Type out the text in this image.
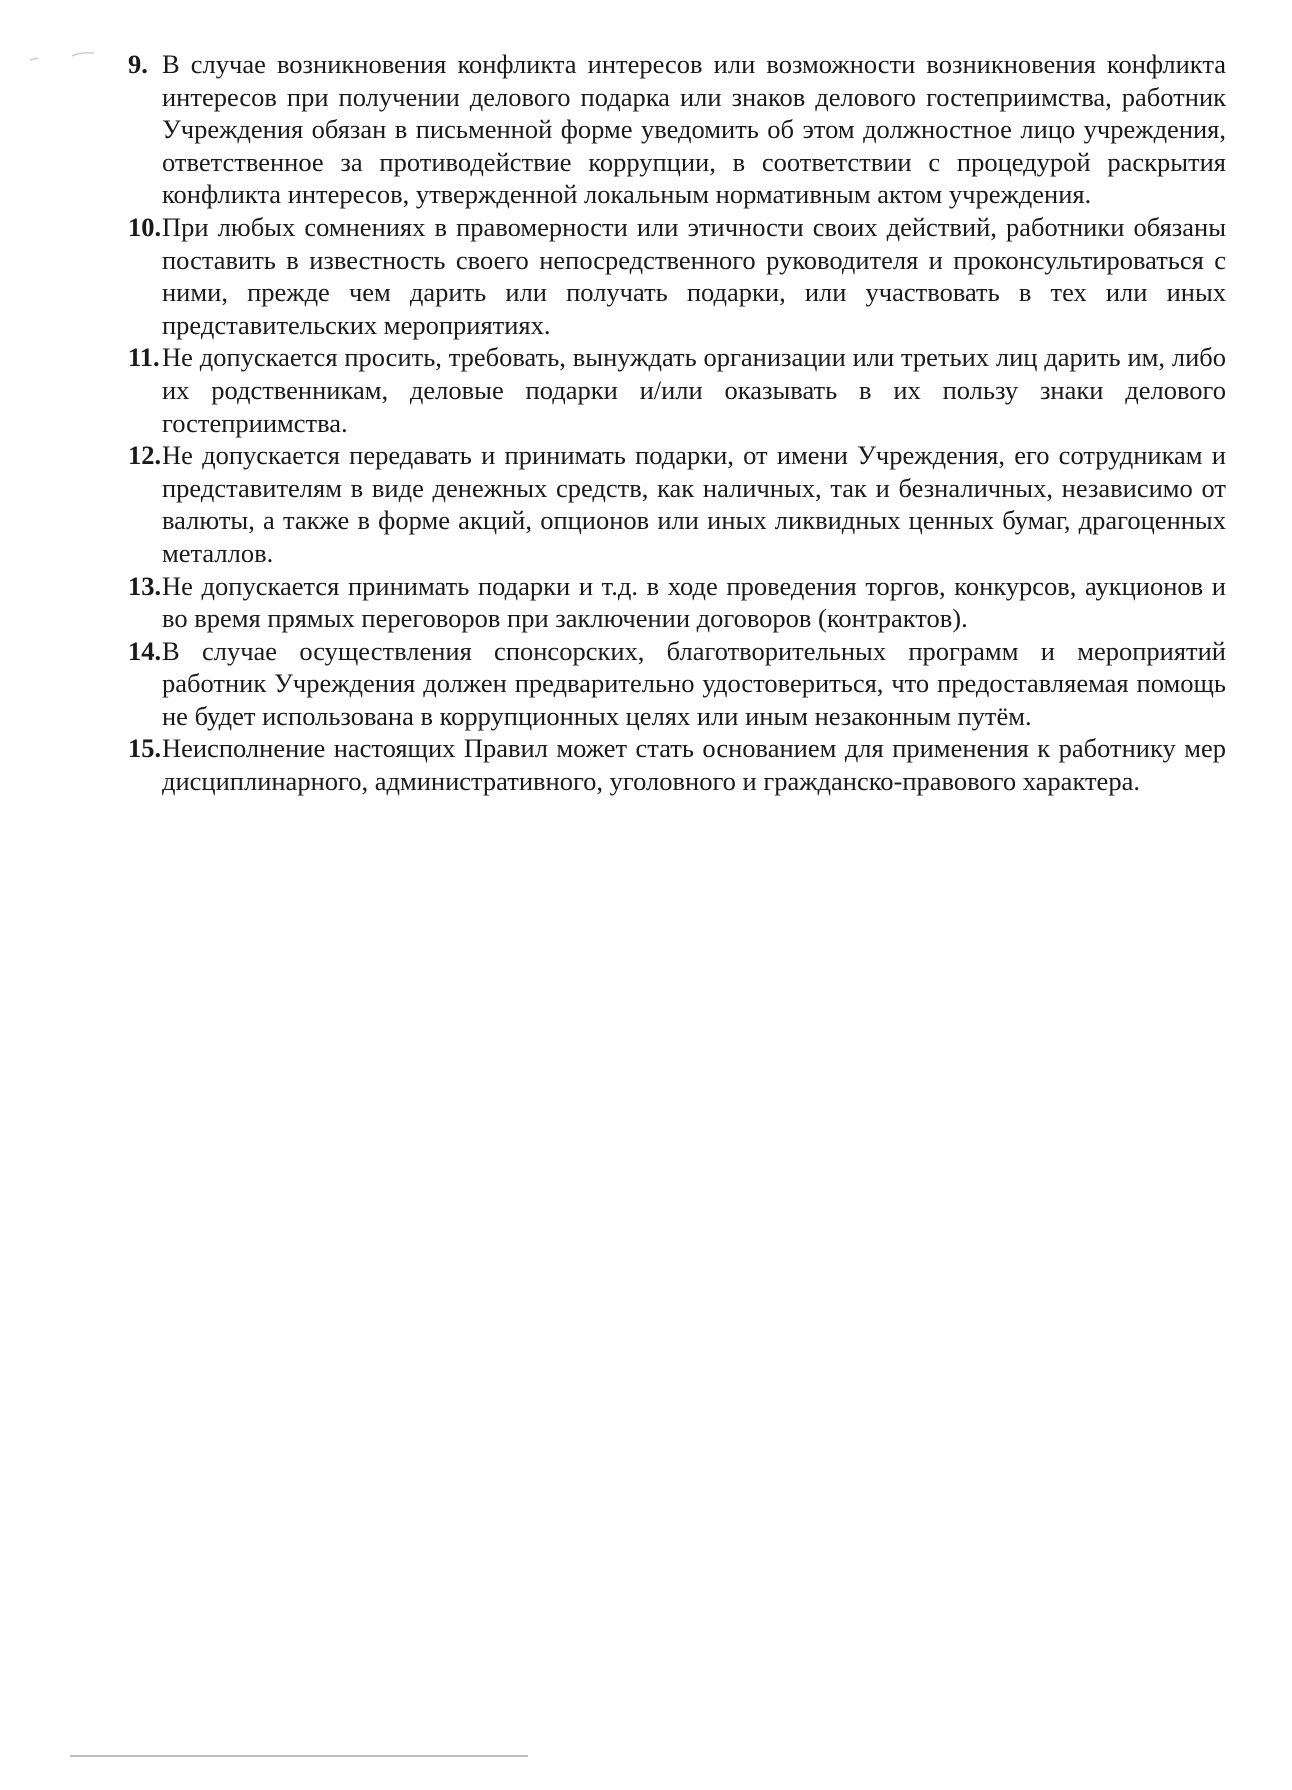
9. В случае возникновения конфликта интересов или возможности возникновения конфликта интересов при получении делового подарка или знаков делового гостеприимства, работник Учреждения обязан в письменной форме уведомить об этом должностное лицо учреждения, ответственное за противодействие коррупции, в соответствии с процедурой раскрытия конфликта интересов, утвержденной локальным нормативным актом учреждения.
10. При любых сомнениях в правомерности или этичности своих действий, работники обязаны поставить в известность своего непосредственного руководителя и проконсультироваться с ними, прежде чем дарить или получать подарки, или участвовать в тех или иных представительских мероприятиях.
11. Не допускается просить, требовать, вынуждать организации или третьих лиц дарить им, либо их родственникам, деловые подарки и/или оказывать в их пользу знаки делового гостеприимства.
12. Не допускается передавать и принимать подарки, от имени Учреждения, его сотрудникам и представителям в виде денежных средств, как наличных, так и безналичных, независимо от валюты, а также в форме акций, опционов или иных ликвидных ценных бумаг, драгоценных металлов.
13. Не допускается принимать подарки и т.д. в ходе проведения торгов, конкурсов, аукционов и во время прямых переговоров при заключении договоров (контрактов).
14. В случае осуществления спонсорских, благотворительных программ и мероприятий работник Учреждения должен предварительно удостовериться, что предоставляемая помощь не будет использована в коррупционных целях или иным незаконным путём.
15. Неисполнение настоящих Правил может стать основанием для применения к работнику мер дисциплинарного, административного, уголовного и гражданско-правового характера.
